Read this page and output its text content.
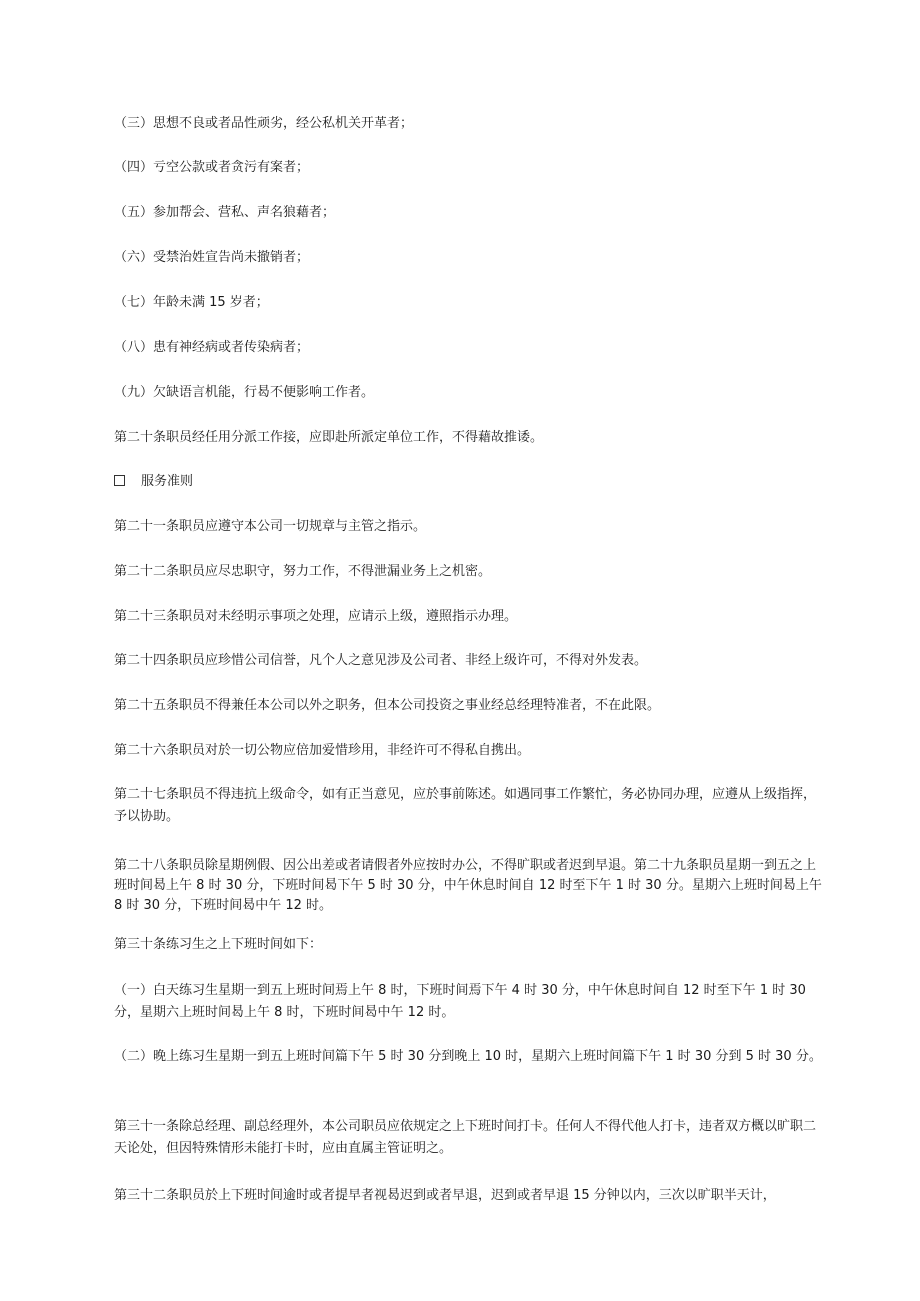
（三）思想不良或者品性顽劣，经公私机关开革者；

（四）亏空公款或者贪污有案者；

（五）参加帮会、营私、声名狼藉者；

（六）受禁治姓宣告尚未撤销者；

（七）年龄未满 15 岁者；

（八）患有神经病或者传染病者；

（九）欠缺语言机能，行曷不便影响工作者。

第二十条职员经任用分派工作接，应即赴所派定单位工作，不得藉故推诿。

服务准则

第二十一条职员应遵守本公司一切规章与主管之指示。

第二十二条职员应尽忠职守，努力工作，不得泄漏业务上之机密。

第二十三条职员对未经明示事项之处理，应请示上级，遵照指示办理。

第二十四条职员应珍惜公司信誉，凡个人之意见涉及公司者、非经上级许可，不得对外发表。

第二十五条职员不得兼任本公司以外之职务，但本公司投资之事业经总经理特准者，不在此限。

第二十六条职员对於一切公物应倍加爱惜珍用，非经许可不得私自携出。

第二十七条职员不得违抗上级命令，如有正当意见，应於事前陈述。如遇同事工作繁忙，务必协同办理，应遵从上级指挥，予以协助。

第二十八条职员除星期例假、因公出差或者请假者外应按时办公，不得旷职或者迟到早退。第二十九条职员星期一到五之上班时间曷上午 8 时 30 分，下班时间曷下午 5 时 30 分，中午休息时间自 12 时至下午 1 时 30 分。星期六上班时间曷上午 8 时 30 分，下班时间曷中午 12 时。

第三十条练习生之上下班时间如下：

（一）白天练习生星期一到五上班时间焉上午 8 时，下班时间焉下午 4 时 30 分，中午休息时间自 12 时至下午 1 时 30 分，星期六上班时间曷上午 8 时，下班时间曷中午 12 时。

（二）晚上练习生星期一到五上班时间篇下午 5 时 30 分到晚上 10 时，星期六上班时间篇下午 1 时 30 分到 5 时 30 分。

第三十一条除总经理、副总经理外，本公司职员应依规定之上下班时间打卡。任何人不得代他人打卡，违者双方概以旷职二天论处，但因特殊情形未能打卡时，应由直属主管证明之。

第三十二条职员於上下班时间逾时或者提早者视曷迟到或者早退，迟到或者早退 15 分钟以内，三次以旷职半天计，
